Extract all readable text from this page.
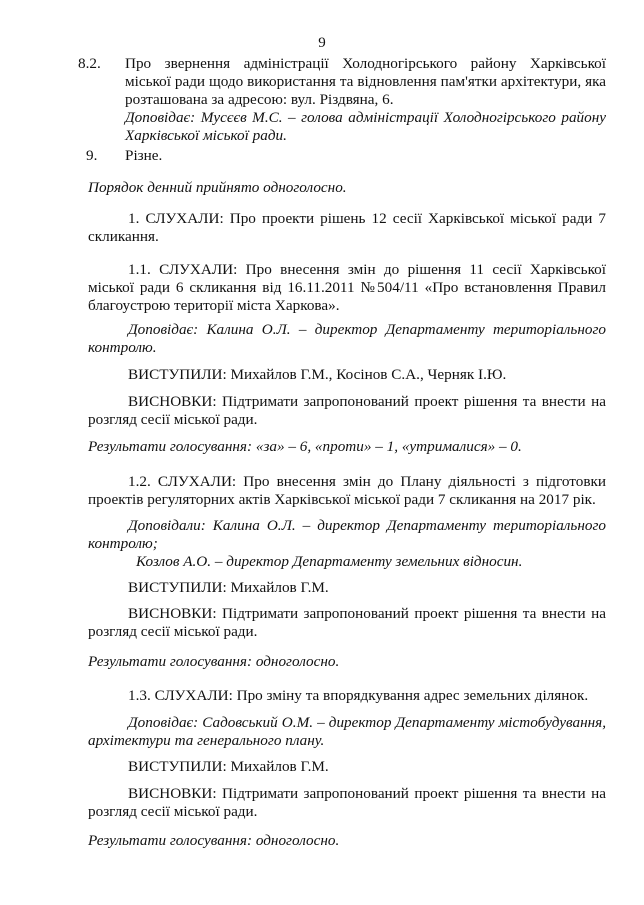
9
8.2.	Про звернення адміністрації Холодногірського району Харківської міської ради щодо використання та відновлення пам'ятки архітектури, яка розташована за адресою: вул. Різдвяна, 6.
Доповідає: Мусєєв М.С. – голова адміністрації Холодногірського району Харківської міської ради.
9.	Різне.
Порядок денний прийнято одноголосно.
1. СЛУХАЛИ: Про проекти рішень 12 сесії Харківської міської ради 7 скликання.
1.1. СЛУХАЛИ: Про внесення змін до рішення 11 сесії Харківської міської ради 6 скликання від 16.11.2011 №504/11 «Про встановлення Правил благоустрою території міста Харкова».
Доповідає: Калина О.Л. – директор Департаменту територіального контролю.
ВИСТУПИЛИ: Михайлов Г.М., Косінов С.А., Черняк І.Ю.
ВИСНОВКИ: Підтримати запропонований проект рішення та внести на розгляд сесії міської ради.
Результати голосування: «за» – 6, «проти» – 1, «утрималися» – 0.
1.2. СЛУХАЛИ: Про внесення змін до Плану діяльності з підготовки проектів регуляторних актів Харківської міської ради 7 скликання на 2017 рік.
Доповідали: Калина О.Л. – директор Департаменту територіального контролю;
Козлов А.О. – директор Департаменту земельних відносин.
ВИСТУПИЛИ: Михайлов Г.М.
ВИСНОВКИ: Підтримати запропонований проект рішення та внести на розгляд сесії міської ради.
Результати голосування: одноголосно.
1.3. СЛУХАЛИ: Про зміну та впорядкування адрес земельних ділянок.
Доповідає: Садовський О.М. – директор Департаменту містобудування, архітектури та генерального плану.
ВИСТУПИЛИ: Михайлов Г.М.
ВИСНОВКИ: Підтримати запропонований проект рішення та внести на розгляд сесії міської ради.
Результати голосування: одноголосно.
